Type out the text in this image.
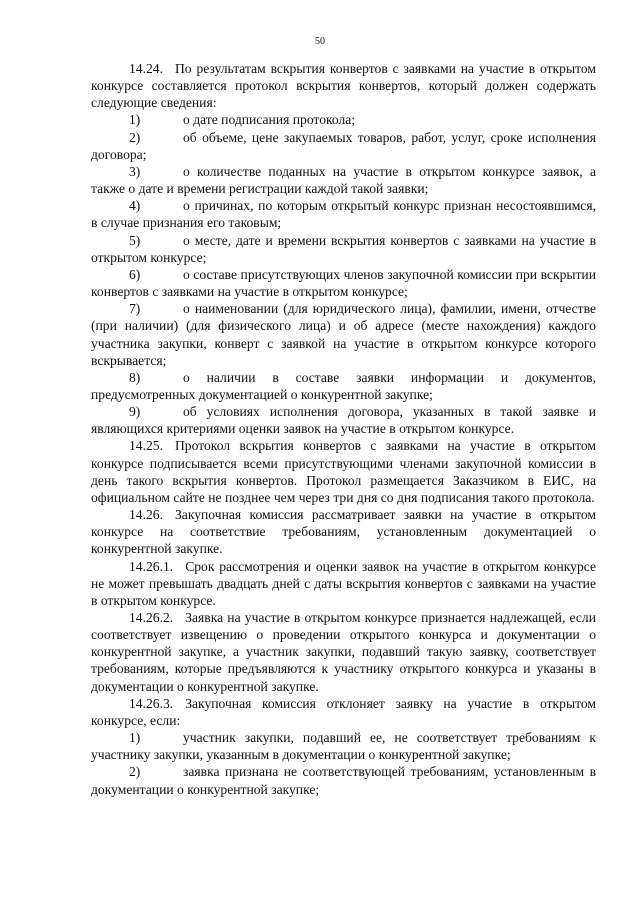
50

14.24. По результатам вскрытия конвертов с заявками на участие в открытом конкурсе составляется протокол вскрытия конвертов, который должен содержать следующие сведения:

1)	о дате подписания протокола;

2)	об объеме, цене закупаемых товаров, работ, услуг, сроке исполнения договора;

3)	о количестве поданных на участие в открытом конкурсе заявок, а также о дате и времени регистрации каждой такой заявки;

4)	о причинах, по которым открытый конкурс признан несостоявшимся, в случае признания его таковым;

5)	о месте, дате и времени вскрытия конвертов с заявками на участие в открытом конкурсе;

6)	о составе присутствующих членов закупочной комиссии при вскрытии конвертов с заявками на участие в открытом конкурсе;

7)	о наименовании (для юридического лица), фамилии, имени, отчестве (при наличии) (для физического лица) и об адресе (месте нахождения) каждого участника закупки, конверт с заявкой на участие в открытом конкурсе которого вскрывается;

8)	о наличии в составе заявки информации и документов, предусмотренных документацией о конкурентной закупке;

9)	об условиях исполнения договора, указанных в такой заявке и являющихся критериями оценки заявок на участие в открытом конкурсе.

14.25. Протокол вскрытия конвертов с заявками на участие в открытом конкурсе подписывается всеми присутствующими членами закупочной комиссии в день такого вскрытия конвертов. Протокол размещается Заказчиком в ЕИС, на официальном сайте не позднее чем через три дня со дня подписания такого протокола.

14.26. Закупочная комиссия рассматривает заявки на участие в открытом конкурсе на соответствие требованиям, установленным документацией о конкурентной закупке.

14.26.1. Срок рассмотрения и оценки заявок на участие в открытом конкурсе не может превышать двадцать дней с даты вскрытия конвертов с заявками на участие в открытом конкурсе.

14.26.2. Заявка на участие в открытом конкурсе признается надлежащей, если соответствует извещению о проведении открытого конкурса и документации о конкурентной закупке, а участник закупки, подавший такую заявку, соответствует требованиям, которые предъявляются к участнику открытого конкурса и указаны в документации о конкурентной закупке.

14.26.3. Закупочная комиссия отклоняет заявку на участие в открытом конкурсе, если:

1)	участник закупки, подавший ее, не соответствует требованиям к участнику закупки, указанным в документации о конкурентной закупке;

2)	заявка признана не соответствующей требованиям, установленным в документации о конкурентной закупке;
